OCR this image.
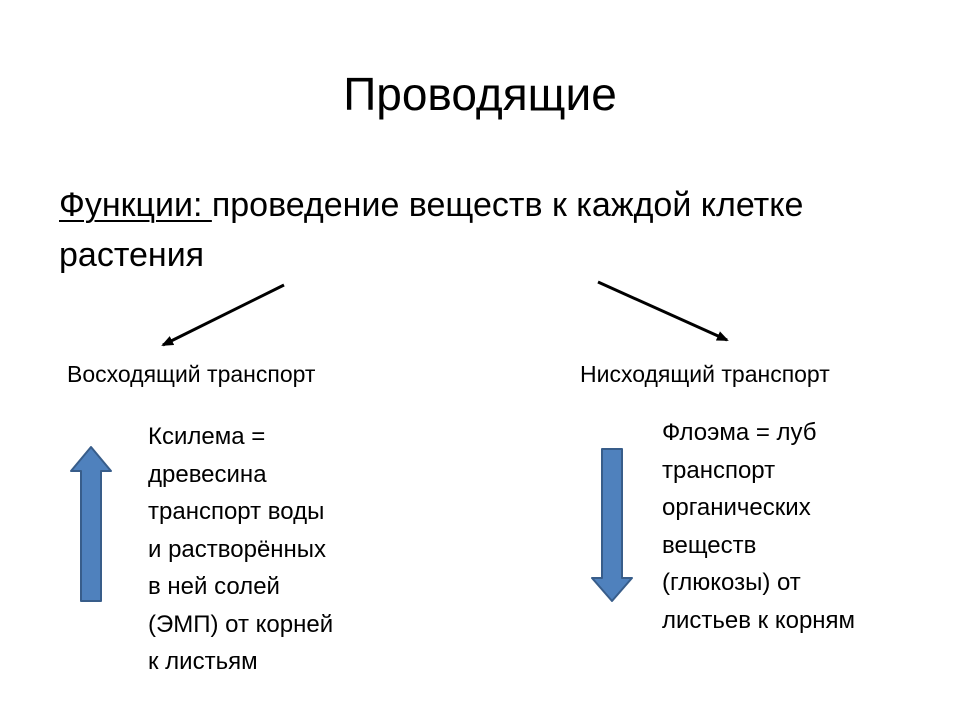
Проводящие
Функции: проведение веществ к каждой клетке растения
Восходящий транспорт	Нисходящий транспорт
Ксилема =
древесина
транспорт воды
и растворённых
в ней солей
(ЭМП) от корней
к листьям
Флоэма = луб
транспорт
органических
веществ
(глюкозы) от
листьев к корням
